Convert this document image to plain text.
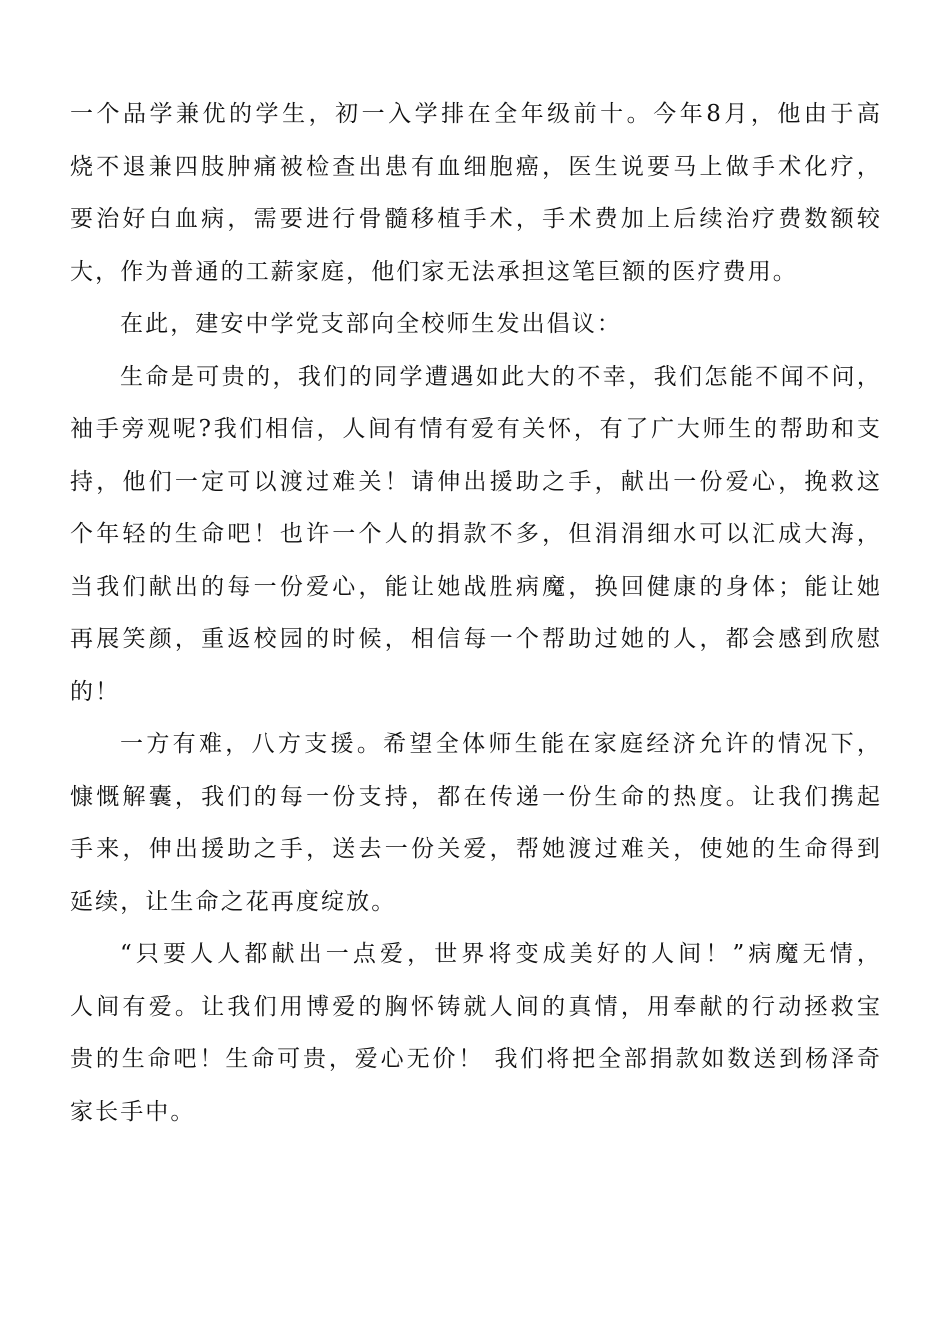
一个品学兼优的学生，初一入学排在全年级前十。今年8月，他由于高
烧不退兼四肢肿痛被检查出患有血细胞癌，医生说要马上做手术化疗，
要治好白血病，需要进行骨髓移植手术，手术费加上后续治疗费数额较
大，作为普通的工薪家庭，他们家无法承担这笔巨额的医疗费用。
在此，建安中学党支部向全校师生发出倡议：
生命是可贵的，我们的同学遭遇如此大的不幸，我们怎能不闻不问，
袖手旁观呢?我们相信，人间有情有爱有关怀，有了广大师生的帮助和支
持，他们一定可以渡过难关！请伸出援助之手，献出一份爱心，挽救这
个年轻的生命吧！也许一个人的捐款不多，但涓涓细水可以汇成大海，
当我们献出的每一份爱心，能让她战胜病魔，换回健康的身体；能让她
再展笑颜，重返校园的时候，相信每一个帮助过她的人，都会感到欣慰
的！
一方有难，八方支援。希望全体师生能在家庭经济允许的情况下，
慷慨解囊，我们的每一份支持，都在传递一份生命的热度。让我们携起
手来，伸出援助之手，送去一份关爱，帮她渡过难关，使她的生命得到
延续，让生命之花再度绽放。
“只要人人都献出一点爱，世界将变成美好的人间！”病魔无情，
人间有爱。让我们用博爱的胸怀铸就人间的真情，用奉献的行动拯救宝
贵的生命吧！生命可贵，爱心无价！ 我们将把全部捐款如数送到杨泽奇
家长手中。
